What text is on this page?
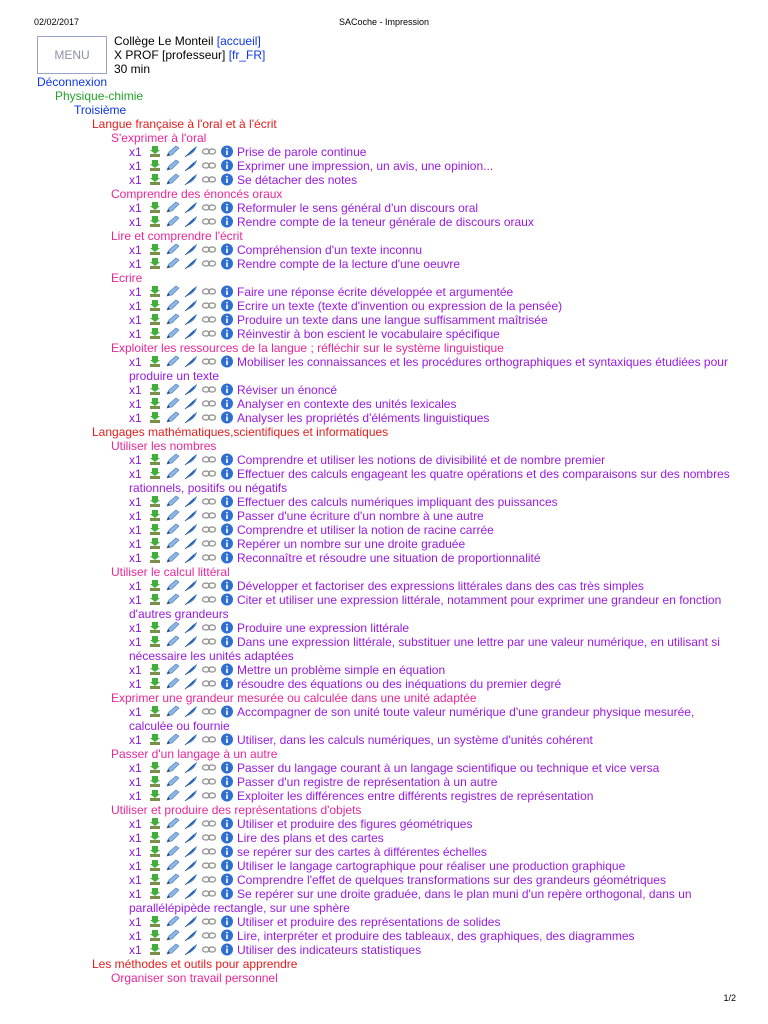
02/02/2017	SACoche - Impression
MENU
Collège Le Monteil [accueil]
X PROF [professeur] [fr_FR]
30 min
Déconnexion
Physique-chimie
Troisième
Langue française à l'oral et à l'écrit
S'exprimer à l'oral
x1	Prise de parole continue
x1	Exprimer une impression, un avis, une opinion...
x1	Se détacher des notes
Comprendre des énoncés oraux
x1	Reformuler le sens général d'un discours oral
x1	Rendre compte de la teneur générale de discours oraux
Lire et comprendre l'écrit
x1	Compréhension d'un texte inconnu
x1	Rendre compte de la lecture d'une oeuvre
Ecrire
x1	Faire une réponse écrite développée et argumentée
x1	Ecrire un texte (texte d'invention ou expression de la pensée)
x1	Produire un texte dans une langue suffisamment maîtrisée
x1	Réinvestir à bon escient le vocabulaire spécifique
Exploiter les ressources de la langue ; réfléchir sur le système linguistique
x1	Mobiliser les connaissances et les procédures orthographiques et syntaxiques étudiées pour produire un texte
x1	Réviser un énoncé
x1	Analyser en contexte des unités lexicales
x1	Analyser les propriétés d'éléments linguistiques
Langages mathématiques,scientifiques et informatiques
Utiliser les nombres
x1	Comprendre et utiliser les notions de divisibilité et de nombre premier
x1	Effectuer des calculs engageant les quatre opérations et des comparaisons sur des nombres rationnels, positifs ou négatifs
x1	Effectuer des calculs numériques impliquant des puissances
x1	Passer d'une écriture d'un nombre à une autre
x1	Comprendre et utiliser la notion de racine carrée
x1	Repérer un nombre sur une droite graduée
x1	Reconnaître et résoudre une situation de proportionnalité
Utiliser le calcul littéral
x1	Développer et factoriser des expressions littérales dans des cas très simples
x1	Citer et utiliser une expression littérale, notamment pour exprimer une grandeur en fonction d'autres grandeurs
x1	Produire une expression littérale
x1	Dans une expression littérale, substituer une lettre par une valeur numérique, en utilisant si nécessaire les unités adaptées
x1	Mettre un problème simple en équation
x1	résoudre des équations ou des inéquations du premier degré
Exprimer une grandeur mesurée ou calculée dans une unité adaptée
x1	Accompagner de son unité toute valeur numérique d'une grandeur physique mesurée, calculée ou fournie
x1	Utiliser, dans les calculs numériques, un système d'unités cohérent
Passer d'un langage à un autre
x1	Passer du langage courant à un langage scientifique ou technique et vice versa
x1	Passer d'un registre de représentation à un autre
x1	Exploiter les différences entre différents registres de représentation
Utiliser et produire des représentations d'objets
x1	Utiliser et produire des figures géométriques
x1	Lire des plans et des cartes
x1	se repérer sur des cartes à différentes échelles
x1	Utiliser le langage cartographique pour réaliser une production graphique
x1	Comprendre l'effet de quelques transformations sur des grandeurs géométriques
x1	Se repérer sur une droite graduée, dans le plan muni d'un repère orthogonal, dans un parallélépipède rectangle, sur une sphère
x1	Utiliser et produire des représentations de solides
x1	Lire, interpréter et produire des tableaux, des graphiques, des diagrammes
x1	Utiliser des indicateurs statistiques
Les méthodes et outils pour apprendre
Organiser son travail personnel
1/2
